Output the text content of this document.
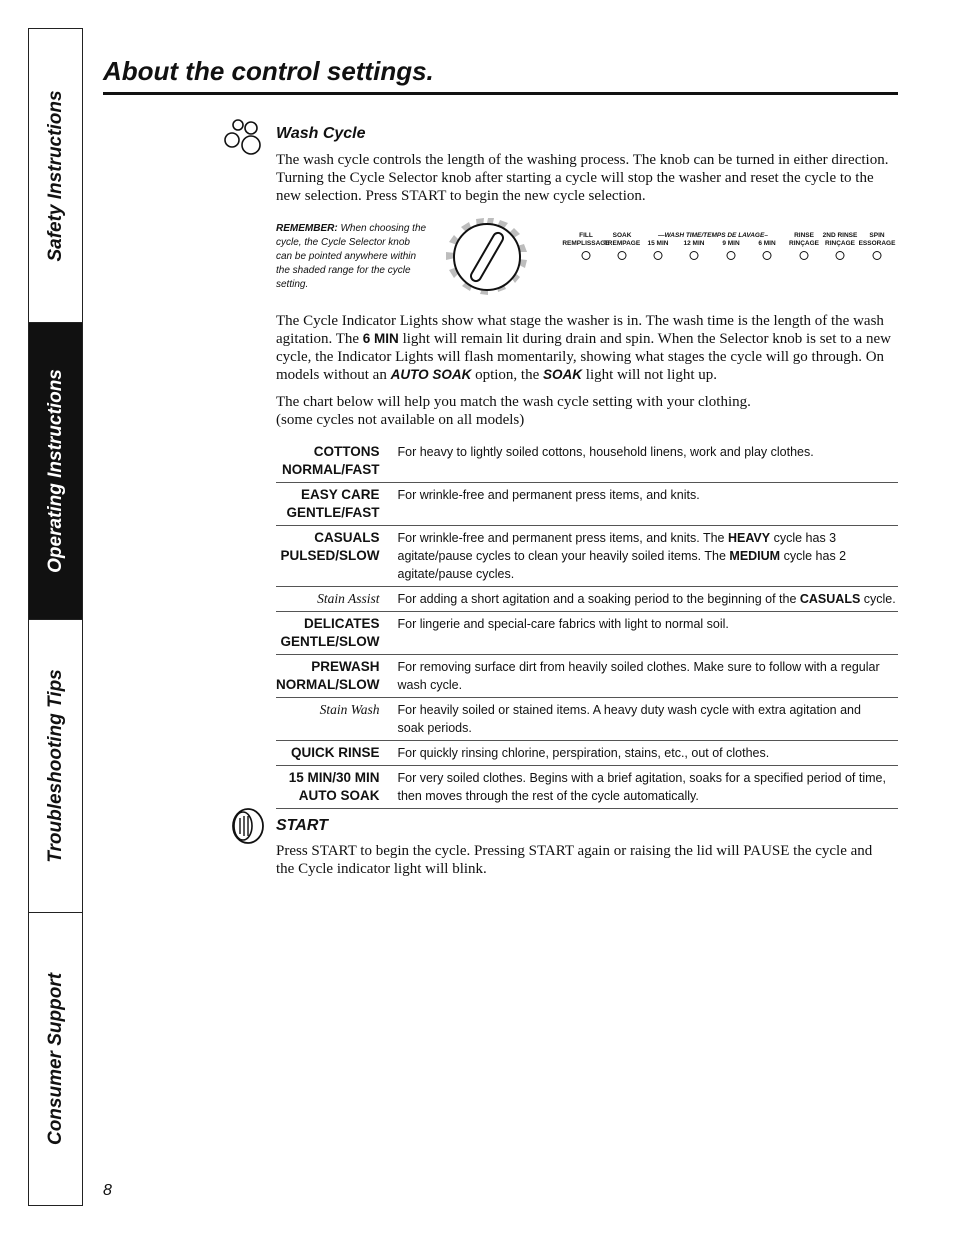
Safety Instructions
Operating Instructions
Troubleshooting Tips
Consumer Support
About the control settings.
Wash Cycle

The wash cycle controls the length of the washing process. The knob can be turned in either direction. Turning the Cycle Selector knob after starting a cycle will stop the washer and reset the cycle to the new selection. Press START to begin the new cycle selection.

REMEMBER: When choosing the cycle, the Cycle Selector knob can be pointed anywhere within the shaded range for the cycle setting.

—WASH TIME/TEMPS DE LAVAGE–
FILL
REMPLISSAGE
SOAK
TREMPAGE
	15 MIN
	12 MIN
	9 MIN
	6 MIN
RINSE
RINÇAGE
2ND RINSE
RINÇAGE
SPIN
ESSORAGE

The Cycle Indicator Lights show what stage the washer is in. The wash time is the length of the wash agitation. The 6 MIN light will remain lit during drain and spin. When the Selector knob is set to a new cycle, the Indicator Lights will flash momentarily, showing what stages the cycle will go through. On models without an AUTO SOAK option, the SOAK light will not light up.

The chart below will help you match the wash cycle setting with your clothing.
(some cycles not available on all models)

COTTONS
NORMAL/FAST	For heavy to lightly soiled cottons, household linens, work and play clothes.
EASY CARE
GENTLE/FAST	For wrinkle-free and permanent press items, and knits.
CASUALS
PULSED/SLOW	For wrinkle-free and permanent press items, and knits. The HEAVY cycle has 3 agitate/pause cycles to clean your heavily soiled items. The MEDIUM cycle has 2 agitate/pause cycles.
Stain Assist	For adding a short agitation and a soaking period to the beginning of the CASUALS cycle.
DELICATES
GENTLE/SLOW	For lingerie and special-care fabrics with light to normal soil.
PREWASH
NORMAL/SLOW	For removing surface dirt from heavily soiled clothes. Make sure to follow with a regular
wash cycle.
Stain Wash	For heavily soiled or stained items. A heavy duty wash cycle with extra agitation and
soak periods.
QUICK RINSE	For quickly rinsing chlorine, perspiration, stains, etc., out of clothes.
15 MIN/30 MIN
AUTO SOAK	For very soiled clothes. Begins with a brief agitation, soaks for a specified period of time,
then moves through the rest of the cycle automatically.
START

Press START to begin the cycle. Pressing START again or raising the lid will PAUSE the cycle and the Cycle indicator light will blink.

8
